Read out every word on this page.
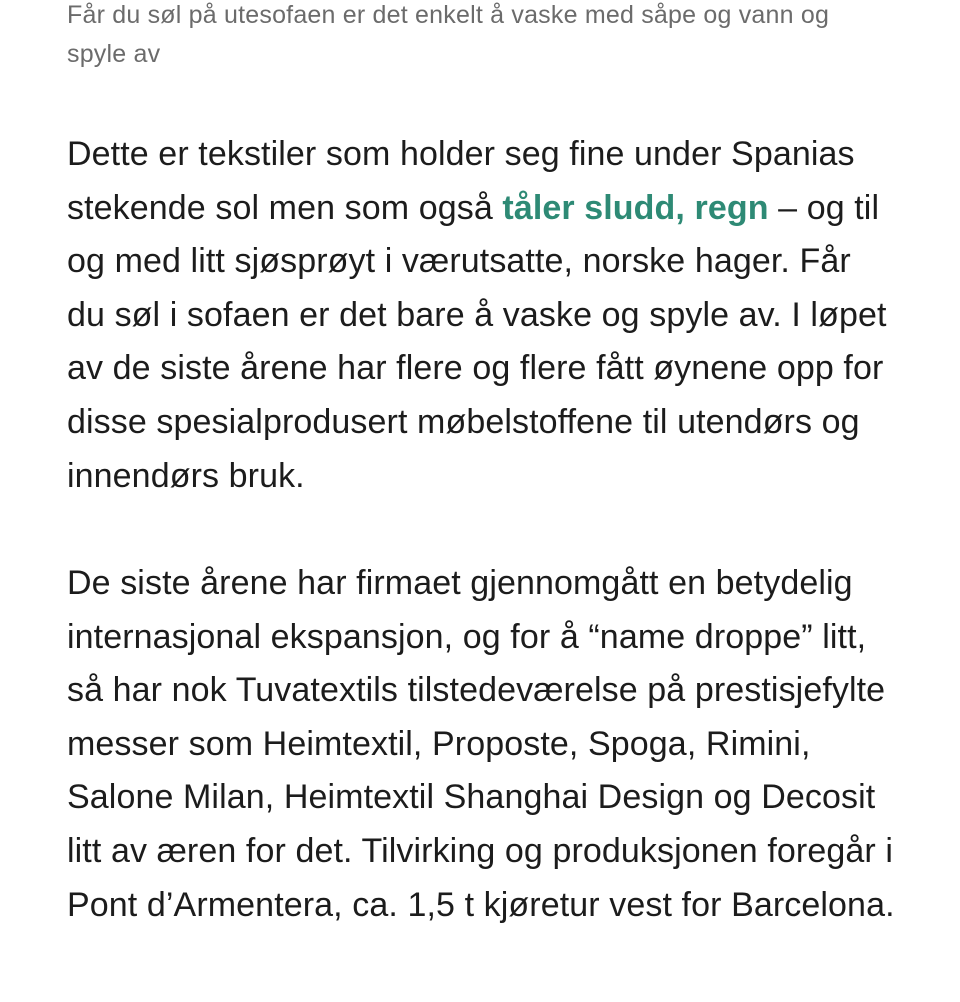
Får du søl på utesofaen er det enkelt å vaske med såpe og vann og spyle av

Dette er tekstiler som holder seg fine under Spanias stekende sol men som også tåler sludd, regn – og til og med litt sjøsprøyt i værutsatte, norske hager. Får du søl i sofaen er det bare å vaske og spyle av. I løpet av de siste årene har flere og flere fått øynene opp for disse spesialprodusert møbelstoffene til utendørs og innendørs bruk.

De siste årene har firmaet gjennomgått en betydelig internasjonal ekspansjon, og for å “name droppe” litt, så har nok Tuvatextils tilstedeværelse på prestisjefylte messer som Heimtextil, Proposte, Spoga, Rimini, Salone Milan, Heimtextil Shanghai Design og Decosit litt av æren for det. Tilvirking og produksjonen foregår i Pont d’Armentera, ca. 1,5 t kjøretur vest for Barcelona.
